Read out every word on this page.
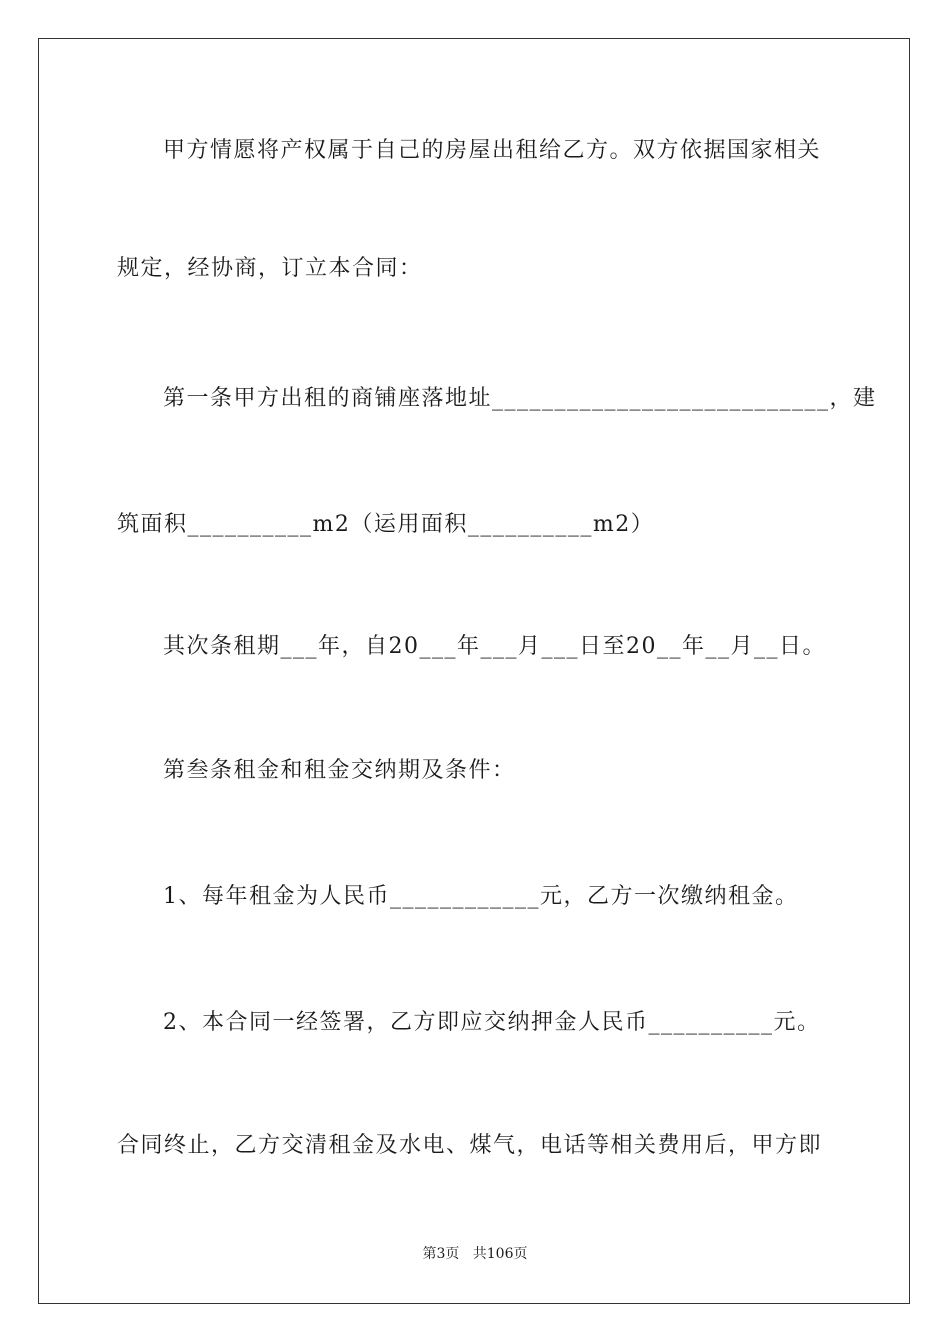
甲方情愿将产权属于自己的房屋出租给乙方。双方依据国家相关
规定，经协商，订立本合同：
第一条甲方出租的商铺座落地址___________________________，建
筑面积__________m2（运用面积__________m2）
其次条租期___年，自20___年___月___日至20__年__月__日。
第叁条租金和租金交纳期及条件：
1、每年租金为人民币____________元，乙方一次缴纳租金。
2、本合同一经签署，乙方即应交纳押金人民币__________元。
合同终止，乙方交清租金及水电、煤气，电话等相关费用后，甲方即
第3页   共106页
